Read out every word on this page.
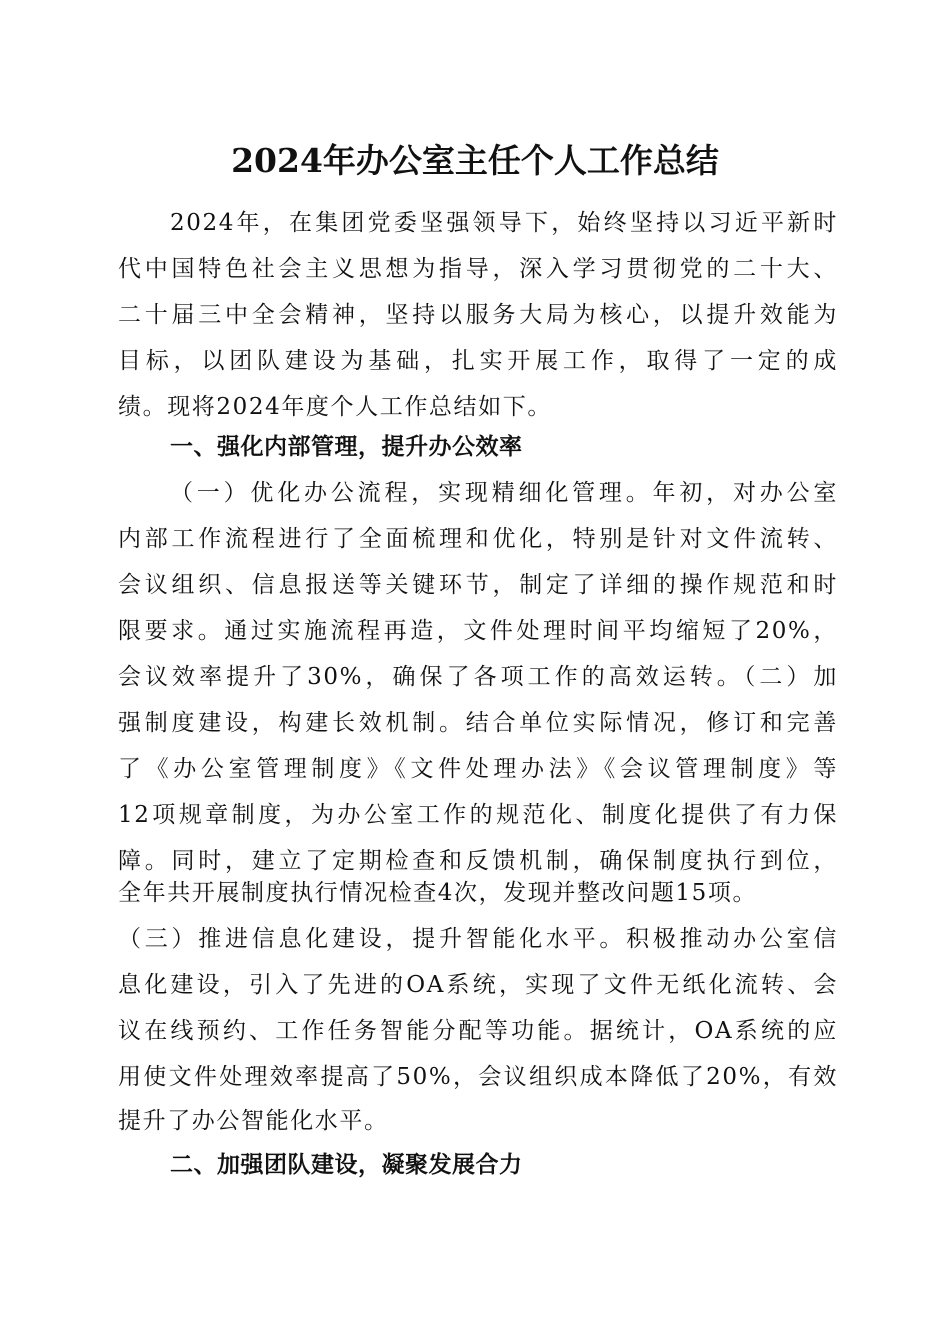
2024年办公室主任个人工作总结
2024年，在集团党委坚强领导下，始终坚持以习近平新时
代中国特色社会主义思想为指导，深入学习贯彻党的二十大、
二十届三中全会精神，坚持以服务大局为核心，以提升效能为
目标，以团队建设为基础，扎实开展工作，取得了一定的成
绩。现将2024年度个人工作总结如下。
一、强化内部管理，提升办公效率
（一）优化办公流程，实现精细化管理。年初，对办公室
内部工作流程进行了全面梳理和优化，特别是针对文件流转、
会议组织、信息报送等关键环节，制定了详细的操作规范和时
限要求。通过实施流程再造，文件处理时间平均缩短了20%，
会议效率提升了30%，确保了各项工作的高效运转。（二）加
强制度建设，构建长效机制。结合单位实际情况，修订和完善
了《办公室管理制度》《文件处理办法》《会议管理制度》等
12项规章制度，为办公室工作的规范化、制度化提供了有力保
障。同时，建立了定期检查和反馈机制，确保制度执行到位，
全年共开展制度执行情况检查4次，发现并整改问题15项。
（三）推进信息化建设，提升智能化水平。积极推动办公室信
息化建设，引入了先进的OA系统，实现了文件无纸化流转、会
议在线预约、工作任务智能分配等功能。据统计，OA系统的应
用使文件处理效率提高了50%，会议组织成本降低了20%，有效
提升了办公智能化水平。
二、加强团队建设，凝聚发展合力
